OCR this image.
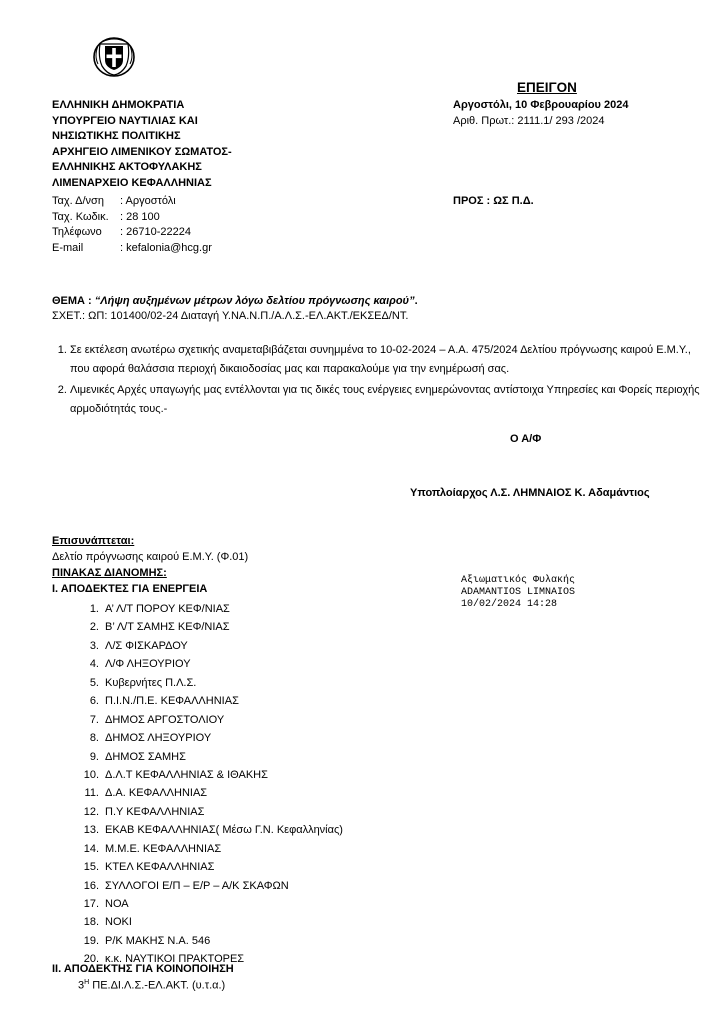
ΕΠΕΙΓΟΝ
Αργοστόλι, 10 Φεβρουαρίου 2024
Αριθ. Πρωτ.: 2111.1/ 293 /2024
ΠΡΟΣ : ΩΣ Π.Δ.
ΕΛΛΗΝΙΚΗ ΔΗΜΟΚΡΑΤΙΑ
ΥΠΟΥΡΓΕΙΟ ΝΑΥΤΙΛΙΑΣ ΚΑΙ
ΝΗΣΙΩΤΙΚΗΣ ΠΟΛΙΤΙΚΗΣ
ΑΡΧΗΓΕΙΟ ΛΙΜΕΝΙΚΟΥ ΣΩΜΑΤΟΣ-
ΕΛΛΗΝΙΚΗΣ ΑΚΤΟΦΥΛΑΚΗΣ
ΛΙΜΕΝΑΡΧΕΙΟ ΚΕΦΑΛΛΗΝΙΑΣ
Ταχ. Δ/νση : Αργοστόλι
Ταχ. Κωδικ. : 28 100
Τηλέφωνο : 26710-22224
E-mail	: kefalonia@hcg.gr
ΘΕΜΑ : “Λήψη αυξημένων μέτρων λόγω δελτίου πρόγνωσης καιρού”.
ΣΧΕΤ.: ΩΠ: 101400/02-24 Διαταγή Υ.ΝΑ.Ν.Π./Α.Λ.Σ.-ΕΛ.ΑΚΤ./ΕΚΣΕΔ/ΝΤ.
1. Σε εκτέλεση ανωτέρω σχετικής αναμεταβιβάζεται συνημμένα το 10-02-2024 – Α.Α. 475/2024 Δελτίου πρόγνωσης καιρού Ε.Μ.Υ., που αφορά θαλάσσια περιοχή δικαιοδοσίας μας και παρακαλούμε για την ενημέρωσή σας.
2. Λιμενικές Αρχές υπαγωγής μας εντέλλονται για τις δικές τους ενέργειες ενημερώνοντας αντίστοιχα Υπηρεσίες και Φορείς περιοχής αρμοδιότητάς τους.-
Ο Α/Φ
Υποπλοίαρχος Λ.Σ. ΛΗΜΝΑΙΟΣ Κ. Αδαμάντιος
Αξιωματικός Φυλακής
ADAMANTIOS LIMNAIOS
10/02/2024 14:28
Επισυνάπτεται:
Δελτίο πρόγνωσης καιρού Ε.Μ.Υ. (Φ.01)
ΠΙΝΑΚΑΣ ΔΙΑΝΟΜΗΣ:
Ι. ΑΠΟΔΕΚΤΕΣ ΓΙΑ ΕΝΕΡΓΕΙΑ
1. Α’ Λ/Τ ΠΟΡΟΥ ΚΕΦ/ΝΙΑΣ
2. Β’ Λ/Τ ΣΑΜΗΣ ΚΕΦ/ΝΙΑΣ
3. Λ/Σ ΦΙΣΚΑΡΔΟΥ
4. Λ/Φ ΛΗΞΟΥΡΙΟΥ
5. Κυβερνήτες Π.Λ.Σ.
6. Π.Ι.Ν./Π.Ε. ΚΕΦΑΛΛΗΝΙΑΣ
7. ΔΗΜΟΣ ΑΡΓΟΣΤΟΛΙΟΥ
8. ΔΗΜΟΣ ΛΗΞΟΥΡΙΟΥ
9. ΔΗΜΟΣ ΣΑΜΗΣ
10. Δ.Λ.Τ ΚΕΦΑΛΛΗΝΙΑΣ & ΙΘΑΚΗΣ
11. Δ.Α. ΚΕΦΑΛΛΗΝΙΑΣ
12. Π.Υ ΚΕΦΑΛΛΗΝΙΑΣ
13. ΕΚΑΒ ΚΕΦΑΛΛΗΝΙΑΣ( Μέσω Γ.Ν. Κεφαλληνίας)
14. Μ.Μ.Ε. ΚΕΦΑΛΛΗΝΙΑΣ
15. ΚΤΕΛ ΚΕΦΑΛΛΗΝΙΑΣ
16. ΣΥΛΛΟΓΟΙ Ε/Π – Ε/Ρ – Α/Κ ΣΚΑΦΩΝ
17. ΝΟΑ
18. ΝΟΚΙ
19. Ρ/Κ ΜΑΚΗΣ Ν.Α. 546
20. κ.κ. ΝΑΥΤΙΚΟΙ ΠΡΑΚΤΟΡΕΣ
ΙΙ. ΑΠΟΔΕΚΤΗΣ ΓΙΑ ΚΟΙΝΟΠΟΙΗΣΗ
$3^H$ ΠΕ.ΔΙ.Λ.Σ.-ΕΛ.ΑΚΤ. (υ.τ.α.)
